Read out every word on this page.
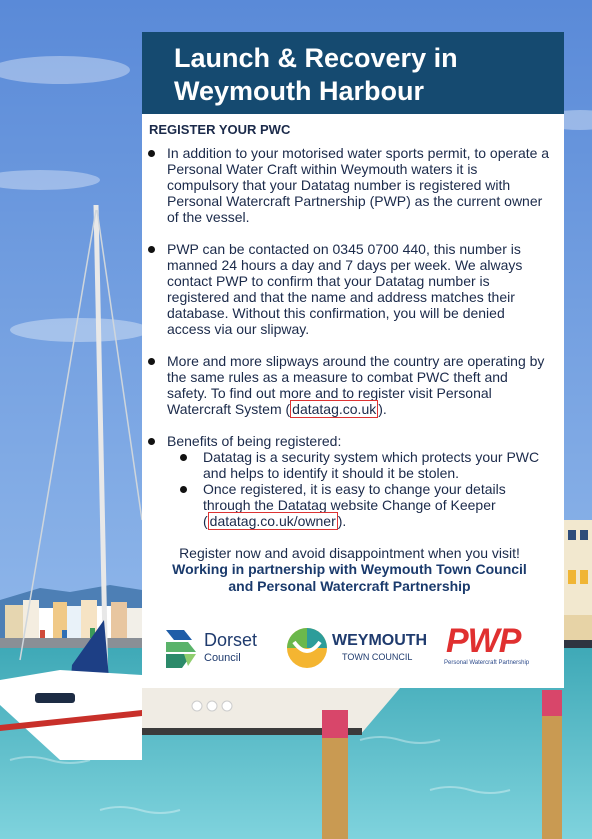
Launch & Recovery in
Weymouth Harbour
REGISTER YOUR PWC
In addition to your motorised water sports permit, to operate a Personal Water Craft within Weymouth waters it is compulsory that your Datatag number is registered with Personal Watercraft Partnership (PWP) as the current owner of the vessel.
PWP can be contacted on 0345 0700 440, this number is manned 24 hours a day and 7 days per week. We always contact PWP to confirm that your Datatag number is registered and that the name and address matches their database. Without this confirmation, you will be denied access via our slipway.
More and more slipways around the country are operating by the same rules as a measure to combat PWC theft and safety. To find out more and to register visit Personal Watercraft System ( datatag.co.uk ).
Benefits of being registered:
Datatag is a security system which protects your PWC and helps to identify it should it be stolen.
Once registered, it is easy to change your details through the Datatag website Change of Keeper ( datatag.co.uk/owner ).
Register now and avoid disappointment when you visit!
Working in partnership with Weymouth Town Council
and Personal Watercraft Partnership
Dorset
Council
WEYMOUTH
TOWN COUNCIL PWP
Personal Watercraft Partnership
